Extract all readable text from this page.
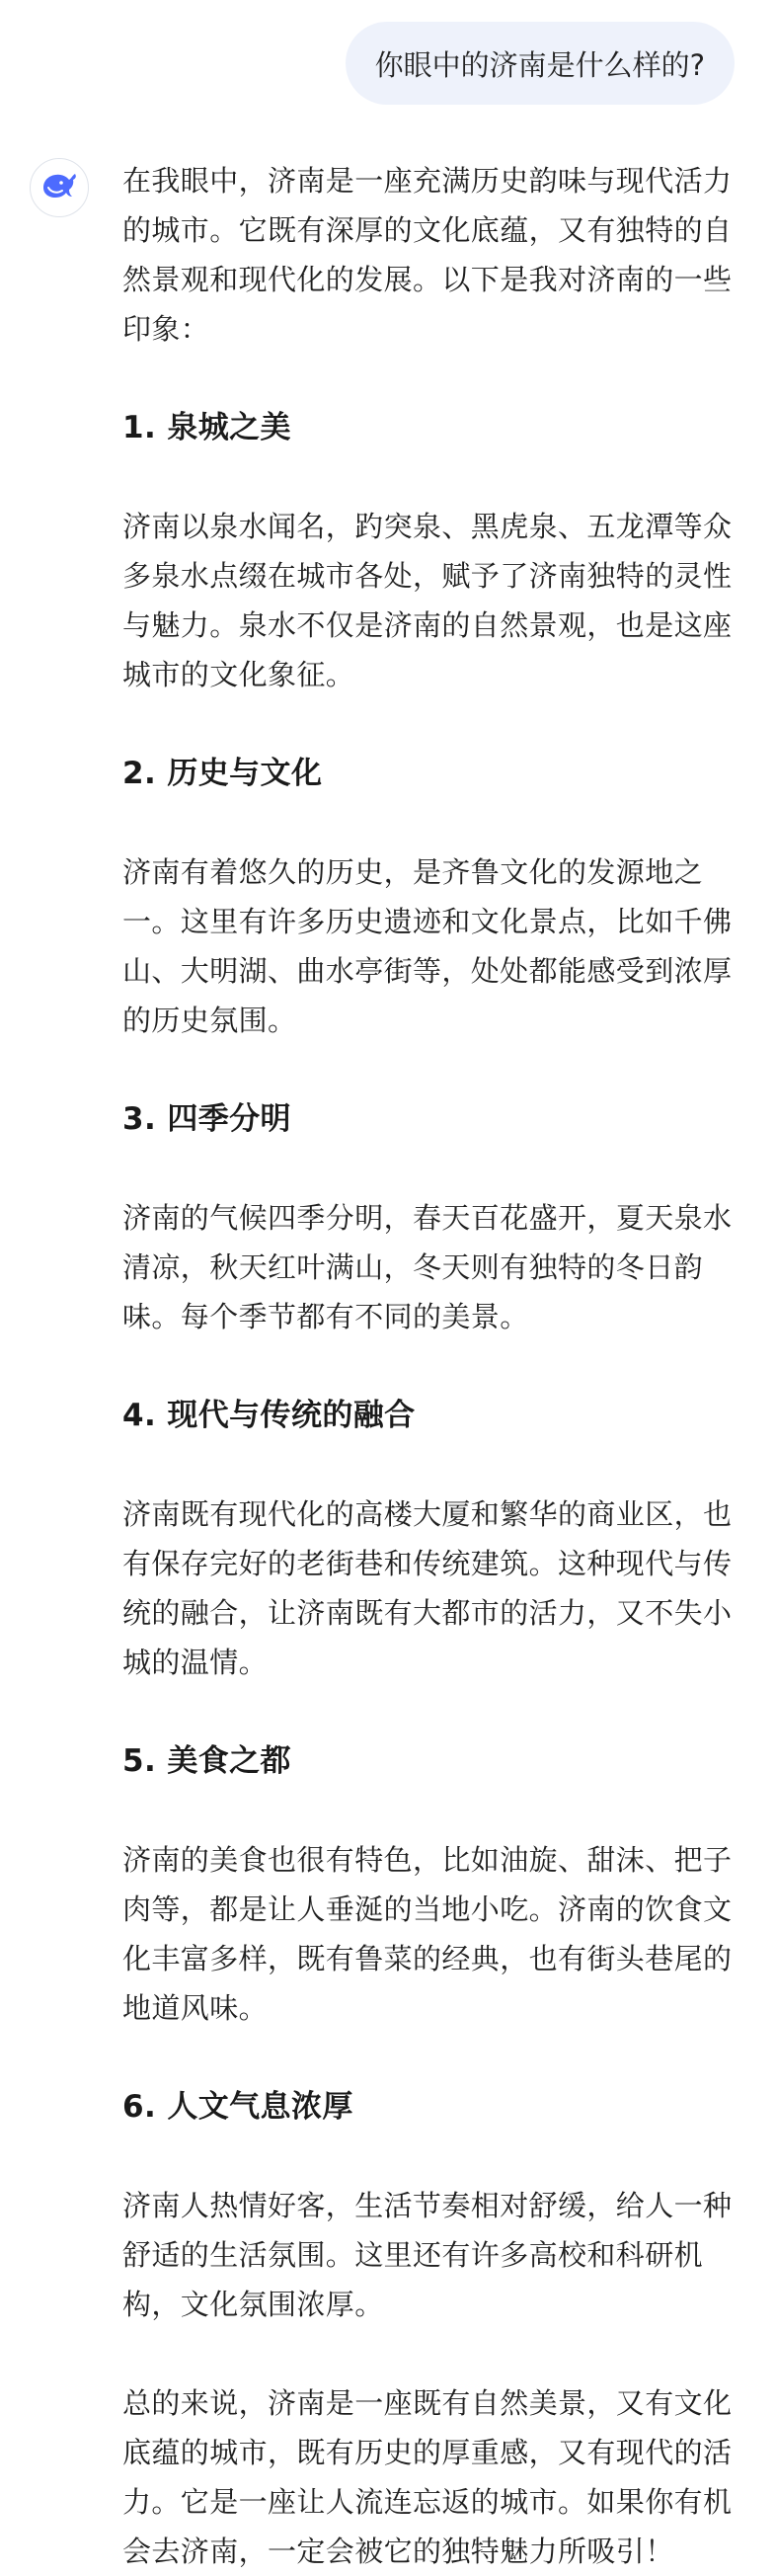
你眼中的济南是什么样的?

在我眼中，济南是一座充满历史韵味与现代活力的城市。它既有深厚的文化底蕴，又有独特的自然景观和现代化的发展。以下是我对济南的一些印象：

1. 泉城之美

济南以泉水闻名，趵突泉、黑虎泉、五龙潭等众多泉水点缀在城市各处，赋予了济南独特的灵性与魅力。泉水不仅是济南的自然景观，也是这座城市的文化象征。

2. 历史与文化

济南有着悠久的历史，是齐鲁文化的发源地之一。这里有许多历史遗迹和文化景点，比如千佛山、大明湖、曲水亭街等，处处都能感受到浓厚的历史氛围。

3. 四季分明

济南的气候四季分明，春天百花盛开，夏天泉水清凉，秋天红叶满山，冬天则有独特的冬日韵味。每个季节都有不同的美景。

4. 现代与传统的融合

济南既有现代化的高楼大厦和繁华的商业区，也有保存完好的老街巷和传统建筑。这种现代与传统的融合，让济南既有大都市的活力，又不失小城的温情。

5. 美食之都

济南的美食也很有特色，比如油旋、甜沫、把子肉等，都是让人垂涎的当地小吃。济南的饮食文化丰富多样，既有鲁菜的经典，也有街头巷尾的地道风味。

6. 人文气息浓厚

济南人热情好客，生活节奏相对舒缓，给人一种舒适的生活氛围。这里还有许多高校和科研机构，文化氛围浓厚。

总的来说，济南是一座既有自然美景，又有文化底蕴的城市，既有历史的厚重感，又有现代的活力。它是一座让人流连忘返的城市。如果你有机会去济南，一定会被它的独特魅力所吸引！
